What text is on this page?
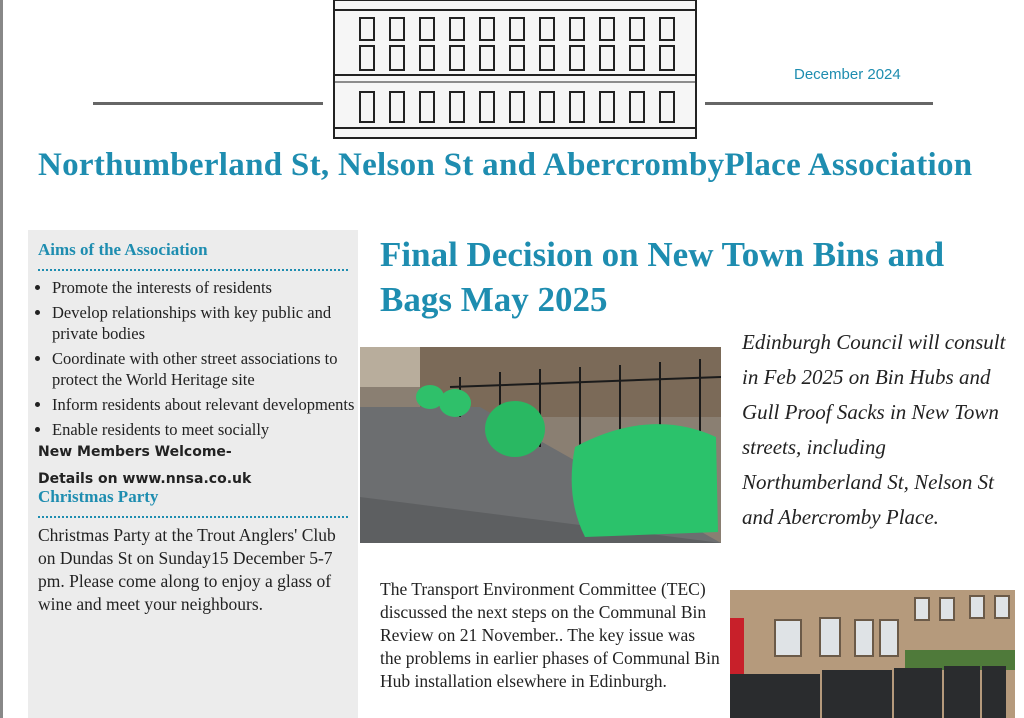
December 2024
Northumberland St, Nelson St and AbercrombyPlace Association
Aims of the Association
• Promote the interests of residents
• Develop relationships with key public and private bodies
• Coordinate with other street associations to protect the World Heritage site
• Inform residents about relevant developments
• Enable residents to meet socially

New Members Welcome-

Details on www.nnsa.co.uk

Christmas Party
Christmas Party at the Trout Anglers' Club on Dundas St on Sunday15 December 5-7 pm. Please come along to enjoy a glass of wine and meet your neighbours.
Final Decision on New Town Bins and Bags May 2025
Edinburgh Council will consult in Feb 2025 on Bin Hubs and Gull Proof Sacks in New Town streets, including Northumberland St, Nelson St and Abercromby Place.
The Transport Environment Committee (TEC) discussed the next steps on the Communal Bin Review on 21 November.. The key issue was the problems in earlier phases of Communal Bin Hub installation elsewhere in Edinburgh.
